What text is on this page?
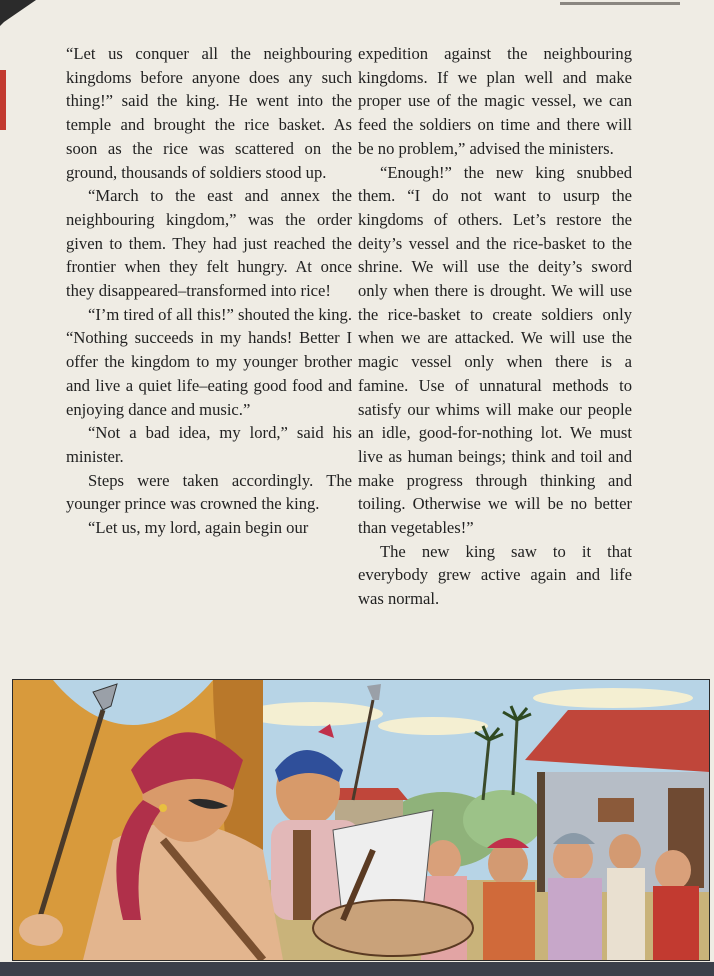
“Let us conquer all the neighbouring kingdoms before anyone does any such thing!” said the king. He went into the temple and brought the rice basket. As soon as the rice was scattered on the ground, thousands of soldiers stood up.

“March to the east and annex the neighbouring kingdom,” was the order given to them. They had just reached the frontier when they felt hungry. At once they disappeared–transformed into rice!

“I’m tired of all this!” shouted the king. “Nothing succeeds in my hands! Better I offer the kingdom to my younger brother and live a quiet life–eating good food and enjoying dance and music.”

“Not a bad idea, my lord,” said his minister.

Steps were taken accordingly. The younger prince was crowned the king.

“Let us, my lord, again begin our

expedition against the neighbouring kingdoms. If we plan well and make proper use of the magic vessel, we can feed the soldiers on time and there will be no problem,” advised the ministers.

“Enough!” the new king snubbed them. “I do not want to usurp the kingdoms of others. Let’s restore the deity’s vessel and the rice-basket to the shrine. We will use the deity’s sword only when there is drought. We will use the rice-basket to create soldiers only when we are attacked. We will use the magic vessel only when there is a famine. Use of unnatural methods to satisfy our whims will make our people an idle, good-for-nothing lot. We must live as human beings; think and toil and make progress through thinking and toiling. Otherwise we will be no better than vegetables!”

The new king saw to it that everybody grew active again and life was normal.
